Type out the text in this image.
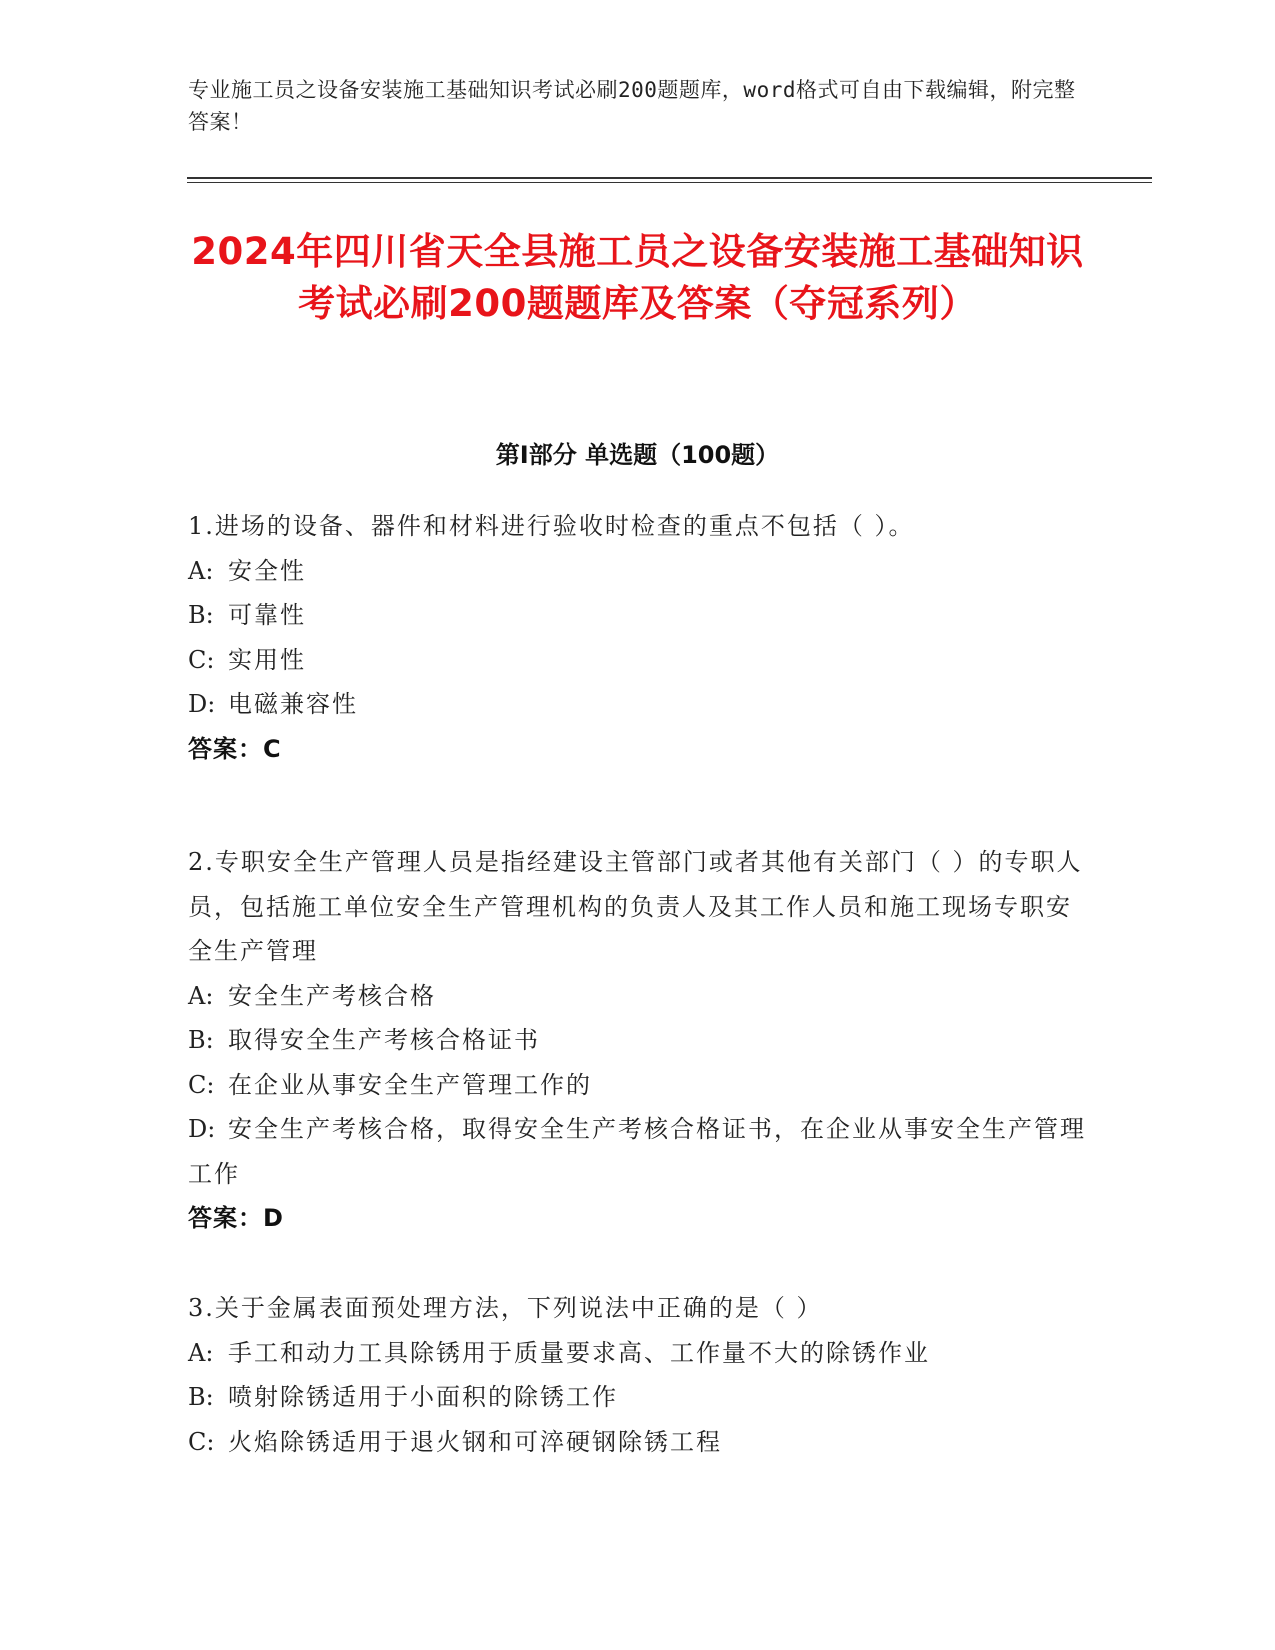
专业施工员之设备安装施工基础知识考试必刷200题题库，word格式可自由下载编辑，附完整答案！
2024年四川省天全县施工员之设备安装施工基础知识考试必刷200题题库及答案（夺冠系列）
第Ⅰ部分 单选题（100题）
1.进场的设备、器件和材料进行验收时检查的重点不包括（ ）。
A: 安全性
B: 可靠性
C: 实用性
D: 电磁兼容性
答案：C
2.专职安全生产管理人员是指经建设主管部门或者其他有关部门（ ）的专职人员，包括施工单位安全生产管理机构的负责人及其工作人员和施工现场专职安全生产管理
A: 安全生产考核合格
B: 取得安全生产考核合格证书
C: 在企业从事安全生产管理工作的
D: 安全生产考核合格，取得安全生产考核合格证书，在企业从事安全生产管理工作
答案：D
3.关于金属表面预处理方法，下列说法中正确的是（ ）
A: 手工和动力工具除锈用于质量要求高、工作量不大的除锈作业
B: 喷射除锈适用于小面积的除锈工作
C: 火焰除锈适用于退火钢和可淬硬钢除锈工程
